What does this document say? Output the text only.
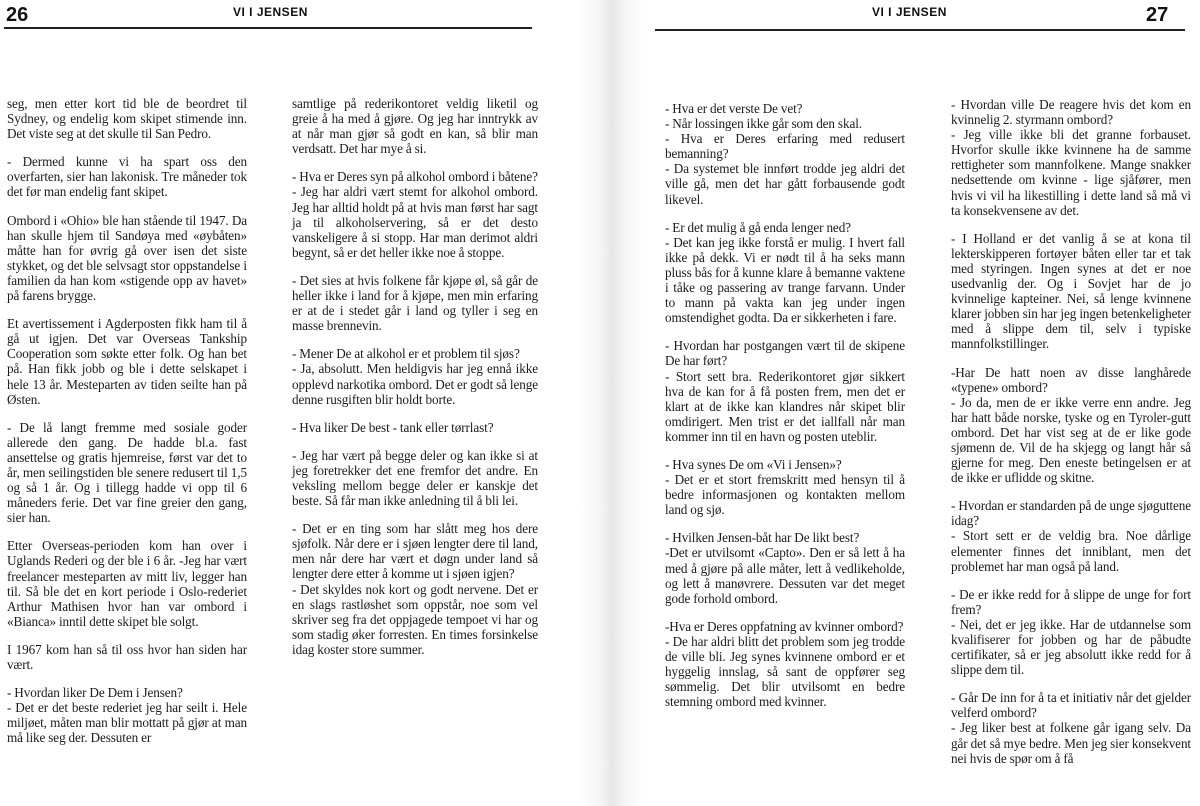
26	VI I JENSEN	VI I JENSEN	27

seg, men etter kort tid ble de beordret til Sydney, og endelig kom skipet stimende inn. Det viste seg at det skulle til San Pedro.

- Dermed kunne vi ha spart oss den overfarten, sier han lakonisk. Tre måneder tok det før man endelig fant skipet.

Ombord i «Ohio» ble han stående til 1947. Da han skulle hjem til Sandøya med «øybåten» måtte han for øvrig gå over isen det siste stykket, og det ble selvsagt stor oppstandelse i familien da han kom «stigende opp av havet» på farens brygge.

Et avertissement i Agderposten fikk ham til å gå ut igjen. Det var Overseas Tankship Cooperation som søkte etter folk. Og han bet på. Han fikk jobb og ble i dette selskapet i hele 13 år. Mesteparten av tiden seilte han på Østen.

- De lå langt fremme med sosiale goder allerede den gang. De hadde bl.a. fast ansettelse og gratis hjemreise, først var det to år, men seilingstiden ble senere redusert til 1,5 og så 1 år. Og i tillegg hadde vi opp til 6 måneders ferie. Det var fine greier den gang, sier han.

Etter Overseas-perioden kom han over i Uglands Rederi og der ble i 6 år. -Jeg har vært freelancer mesteparten av mitt liv, legger han til. Så ble det en kort periode i Oslo-rederiet Arthur Mathisen hvor han var ombord i «Bianca» inntil dette skipet ble solgt.

I 1967 kom han så til oss hvor han siden har vært.

- Hvordan liker De Dem i Jensen?
- Det er det beste rederiet jeg har seilt i. Hele miljøet, måten man blir mottatt på gjør at man må like seg der. Dessuten er

samtlige på rederikontoret veldig liketil og greie å ha med å gjøre. Og jeg har inntrykk av at når man gjør så godt en kan, så blir man verdsatt. Det har mye å si.

- Hva er Deres syn på alkohol ombord i båtene?
- Jeg har aldri vært stemt for alkohol ombord. Jeg har alltid holdt på at hvis man først har sagt ja til alkoholservering, så er det desto vanskeligere å si stopp. Har man derimot aldri begynt, så er det heller ikke noe å stoppe.

- Det sies at hvis folkene får kjøpe øl, så går de heller ikke i land for å kjøpe, men min erfaring er at de i stedet går i land og tyller i seg en masse brennevin.

- Mener De at alkohol er et problem til sjøs?
- Ja, absolutt. Men heldigvis har jeg ennå ikke opplevd narkotika ombord. Det er godt så lenge denne rusgiften blir holdt borte.

- Hva liker De best - tank eller tørrlast?

- Jeg har vært på begge deler og kan ikke si at jeg foretrekker det ene fremfor det andre. En veksling mellom begge deler er kanskje det beste. Så får man ikke anledning til å bli lei.

- Det er en ting som har slått meg hos dere sjøfolk. Når dere er i sjøen lengter dere til land, men når dere har vært et døgn under land så lengter dere etter å komme ut i sjøen igjen?
- Det skyldes nok kort og godt nervene. Det er en slags rastløshet som oppstår, noe som vel skriver seg fra det oppjagede tempoet vi har og som stadig øker forresten. En times forsinkelse idag koster store summer.

- Hva er det verste De vet?
- Når lossingen ikke går som den skal.
- Hva er Deres erfaring med redusert bemanning?
- Da systemet ble innført trodde jeg aldri det ville gå, men det har gått forbausende godt likevel.

- Er det mulig å gå enda lenger ned?
- Det kan jeg ikke forstå er mulig. I hvert fall ikke på dekk. Vi er nødt til å ha seks mann pluss bås for å kunne klare å bemanne vaktene i tåke og passering av trange farvann. Under to mann på vakta kan jeg under ingen omstendighet godta. Da er sikkerheten i fare.

- Hvordan har postgangen vært til de skipene De har ført?
- Stort sett bra. Rederikontoret gjør sikkert hva de kan for å få posten frem, men det er klart at de ikke kan klandres når skipet blir omdirigert. Men trist er det iallfall når man kommer inn til en havn og posten uteblir.

- Hva synes De om «Vi i Jensen»?
- Det er et stort fremskritt med hensyn til å bedre informasjonen og kontakten mellom land og sjø.

- Hvilken Jensen-båt har De likt best?
-Det er utvilsomt «Capto». Den er så lett å ha med å gjøre på alle måter, lett å vedlikeholde, og lett å manøvrere. Dessuten var det meget gode forhold ombord.

-Hva er Deres oppfatning av kvinner ombord?
- De har aldri blitt det problem som jeg trodde de ville bli. Jeg synes kvinnene ombord er et hyggelig innslag, så sant de oppfører seg sømmelig. Det blir utvilsomt en bedre stemning ombord med kvinner.

- Hvordan ville De reagere hvis det kom en kvinnelig 2. styrmann ombord?
- Jeg ville ikke bli det granne forbauset. Hvorfor skulle ikke kvinnene ha de samme rettigheter som mannfolkene. Mange snakker nedsettende om kvinne - lige sjåfører, men hvis vi vil ha likestilling i dette land så må vi ta konsekvensene av det.

- I Holland er det vanlig å se at kona til lekterskipperen fortøyer båten eller tar et tak med styringen. Ingen synes at det er noe usedvanlig der. Og i Sovjet har de jo kvinnelige kapteiner. Nei, så lenge kvinnene klarer jobben sin har jeg ingen betenkeligheter med å slippe dem til, selv i typiske mannfolkstillinger.

-Har De hatt noen av disse langhårede «typene» ombord?
- Jo da, men de er ikke verre enn andre. Jeg har hatt både norske, tyske og en Tyroler-gutt ombord. Det har vist seg at de er like gode sjømenn de. Vil de ha skjegg og langt hår så gjerne for meg. Den eneste betingelsen er at de ikke er uflidde og skitne.

- Hvordan er standarden på de unge sjøguttene idag?
- Stort sett er de veldig bra. Noe dårlige elementer finnes det inniblant, men det problemet har man også på land.

- De er ikke redd for å slippe de unge for fort frem?
- Nei, det er jeg ikke. Har de utdannelse som kvalifiserer for jobben og har de påbudte certifikater, så er jeg absolutt ikke redd for å slippe dem til.

- Går De inn for å ta et initiativ når det gjelder velferd ombord?
- Jeg liker best at folkene går igang selv. Da går det så mye bedre. Men jeg sier konsekvent nei hvis de spør om å få
